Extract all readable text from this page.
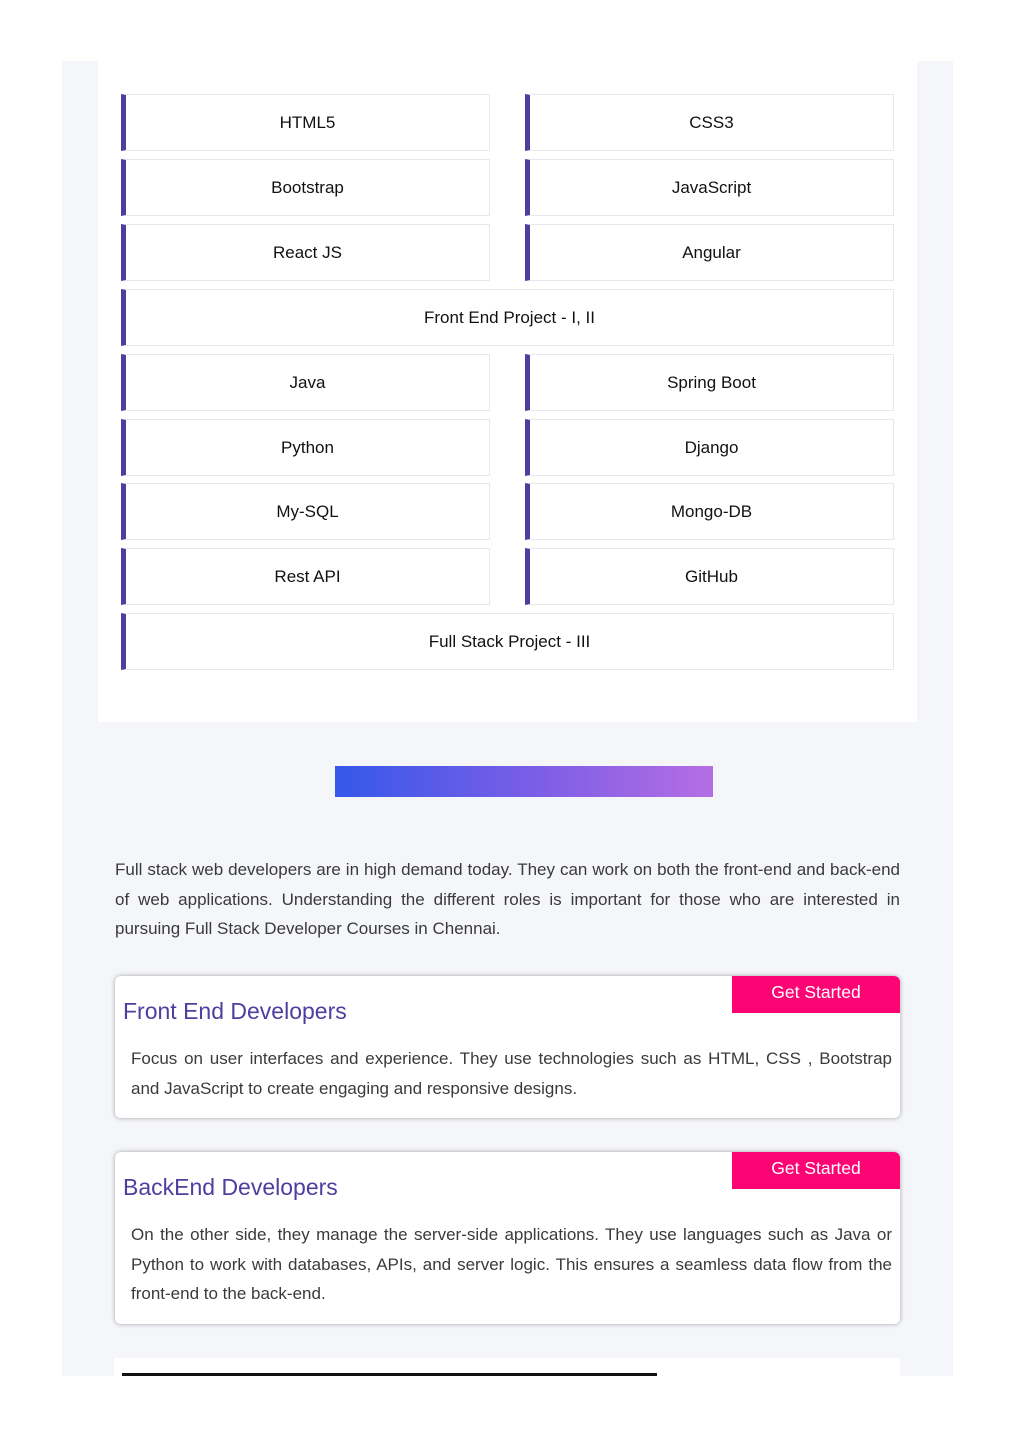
HTML5	CSS3
Bootstrap	JavaScript
React JS	Angular
Front End Project - I, II
Java	Spring Boot
Python	Django
My-SQL	Mongo-DB
Rest API	GitHub
Full Stack Project - III

Full stack web developers are in high demand today. They can work on both the front-end and back-end of web applications. Understanding the different roles is important for those who are interested in pursuing Full Stack Developer Courses in Chennai.

Get Started
Front End Developers

Focus on user interfaces and experience. They use technologies such as HTML, CSS , Bootstrap and JavaScript to create engaging and responsive designs.

Get Started
BackEnd Developers

On the other side, they manage the server-side applications. They use languages such as Java or Python to work with databases, APIs, and server logic. This ensures a seamless data flow from the front-end to the back-end.
